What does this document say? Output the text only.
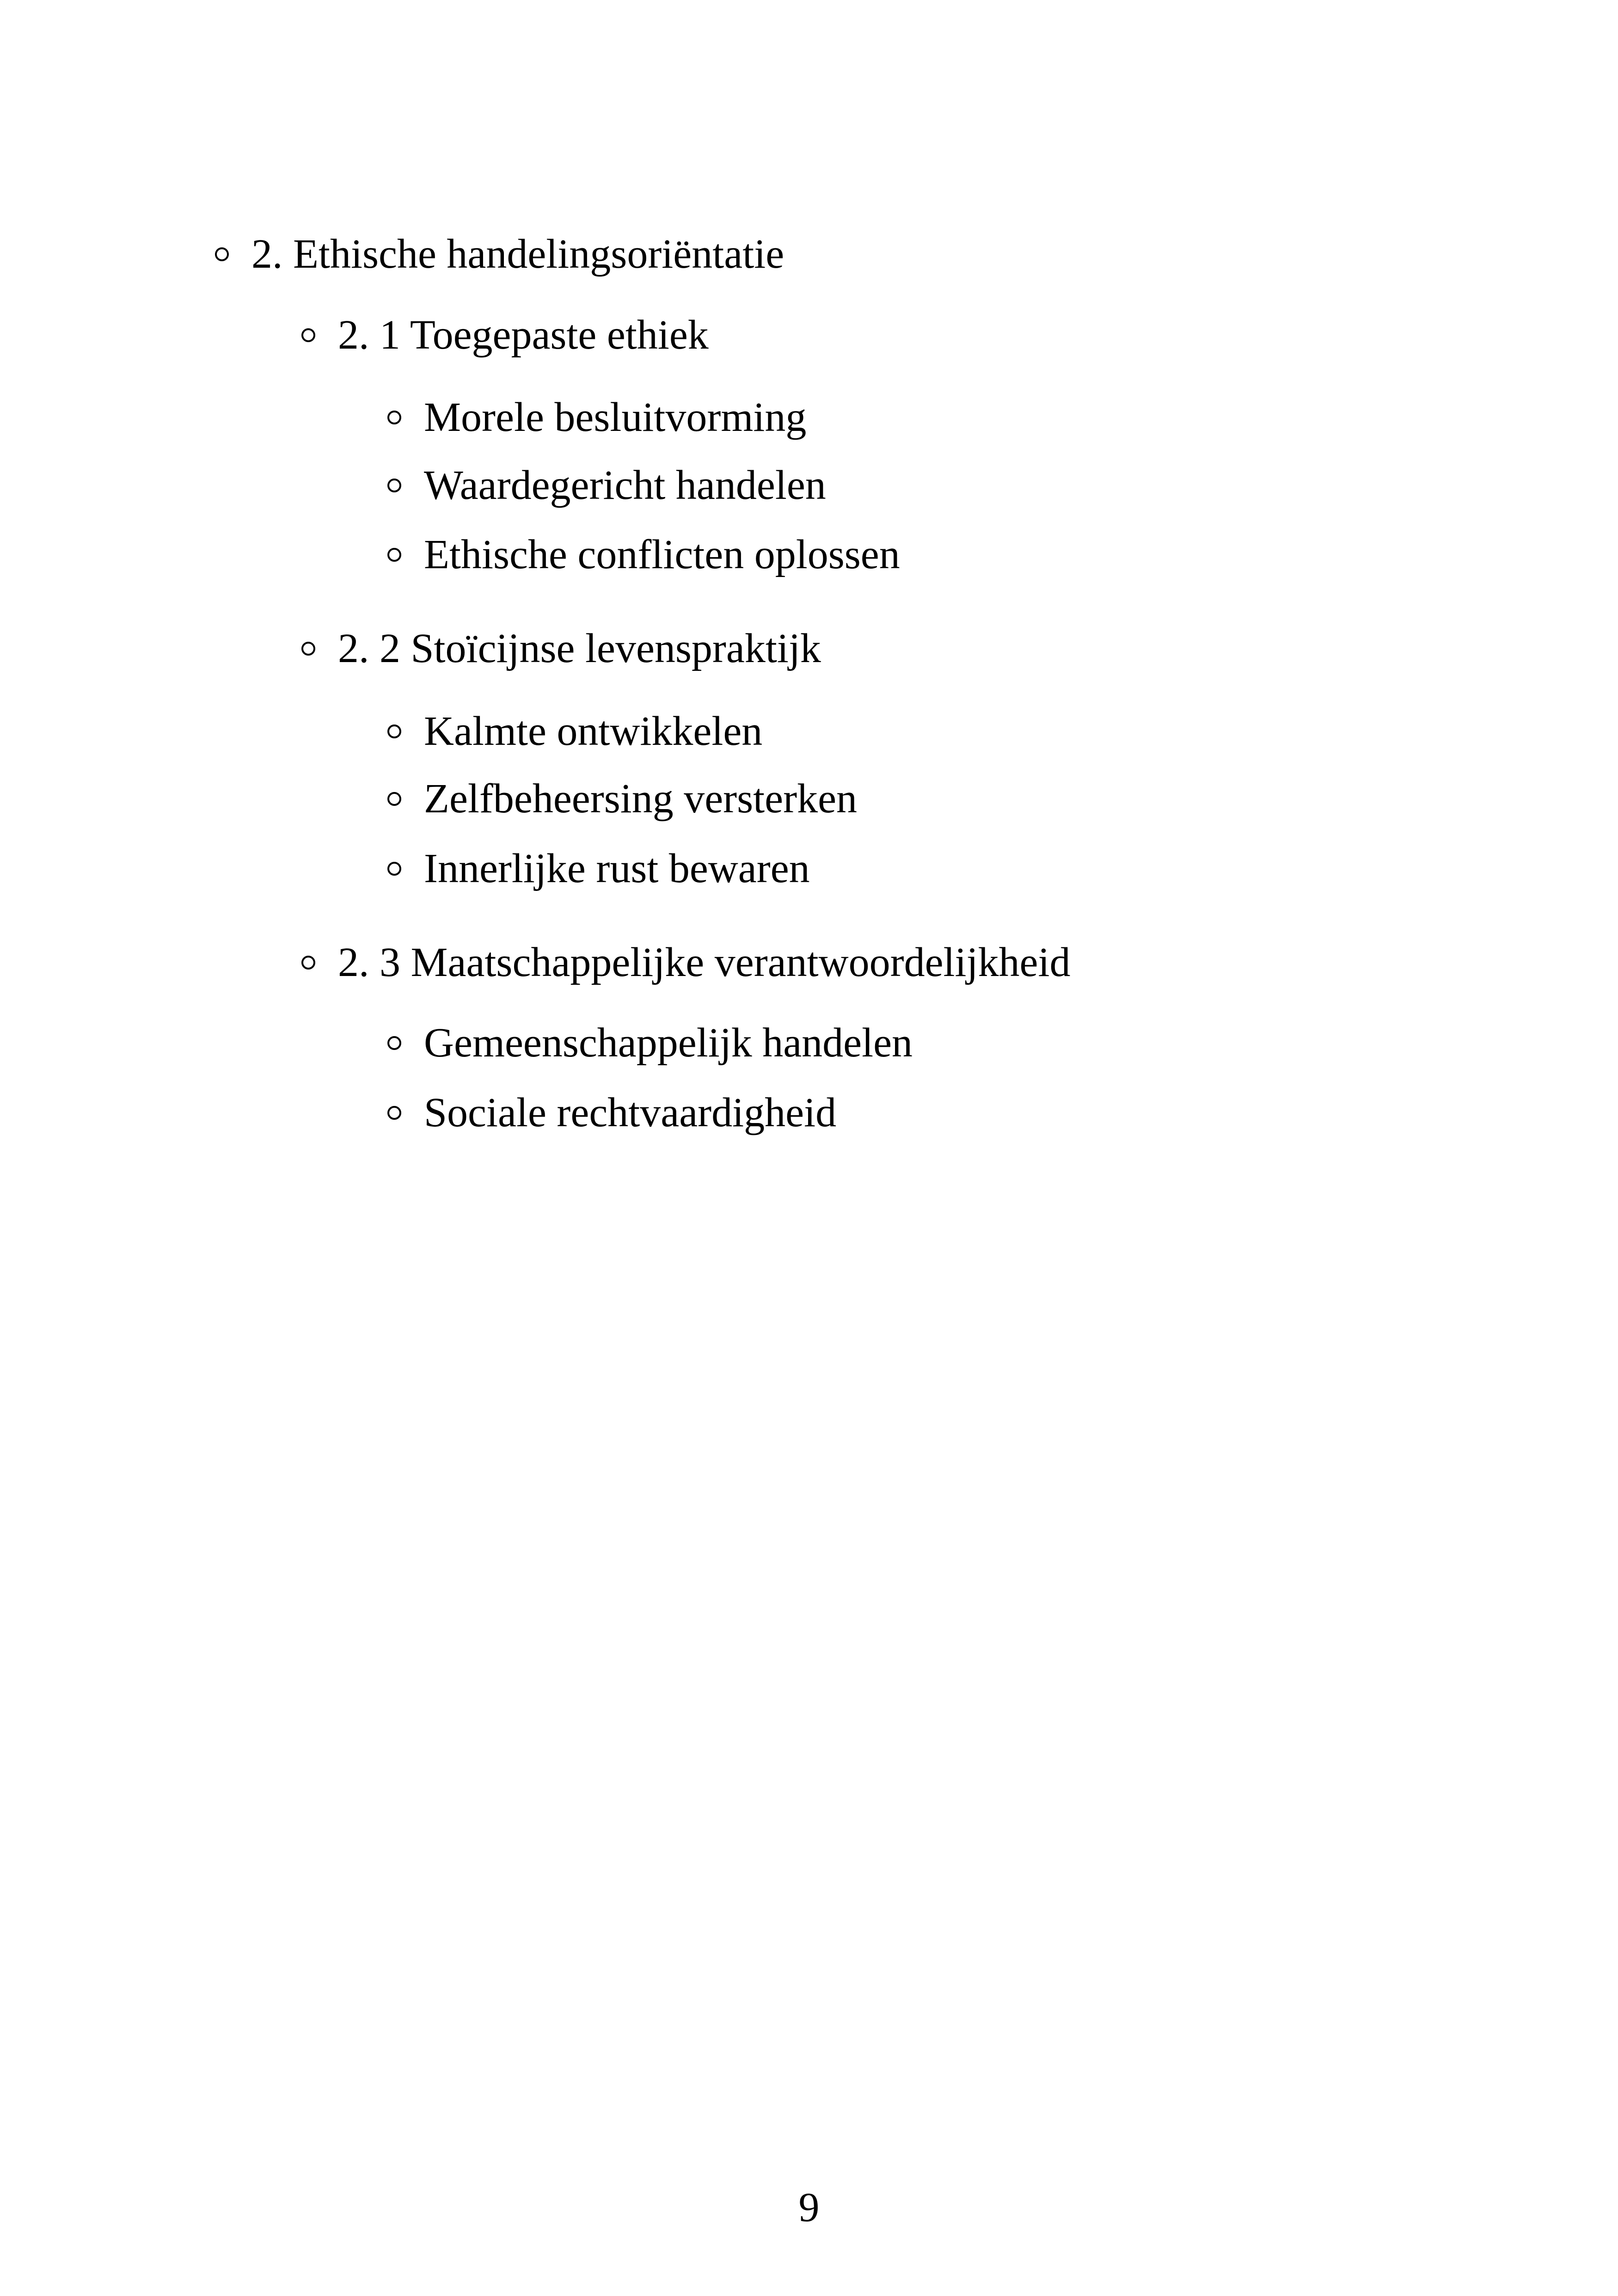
2. Ethische handelingsoriëntatie
2. 1 Toegepaste ethiek
Morele besluitvorming
Waardegericht handelen
Ethische conflicten oplossen
2. 2 Stoïcijnse levenspraktijk
Kalmte ontwikkelen
Zelfbeheersing versterken
Innerlijke rust bewaren
2. 3 Maatschappelijke verantwoordelijkheid
Gemeenschappelijk handelen
Sociale rechtvaardigheid
9
